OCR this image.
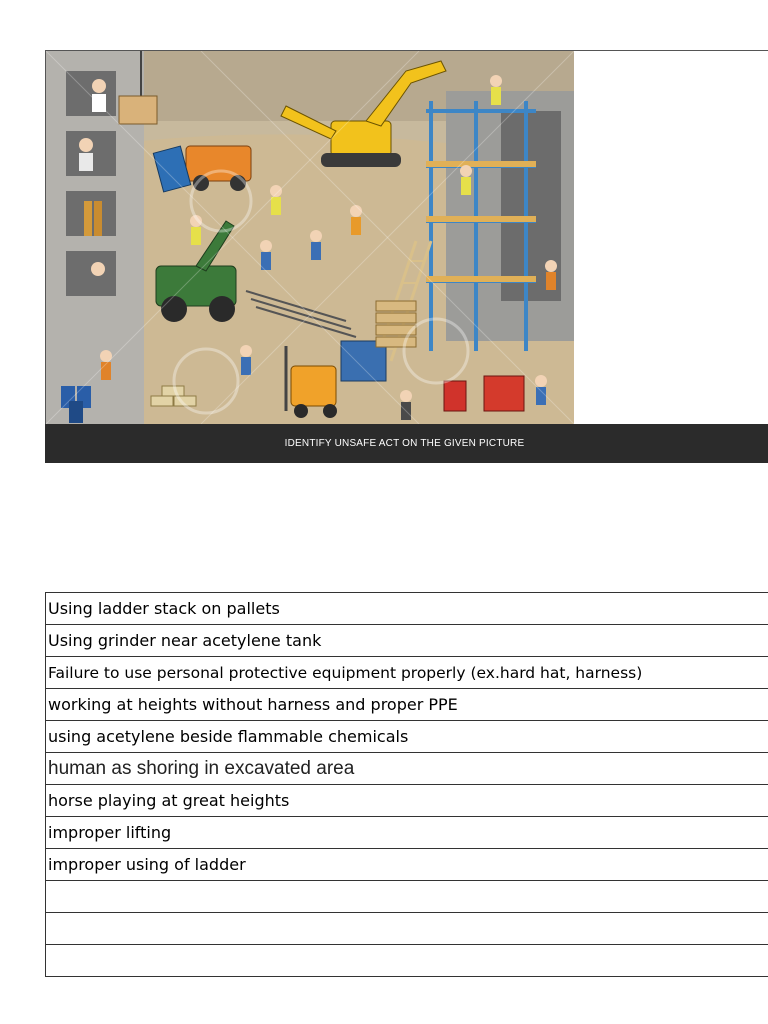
IDENTIFY UNSAFE ACT ON THE GIVEN PICTURE
Using ladder stack on pallets
Using grinder near acetylene tank
Failure to use personal protective equipment properly (ex.hard hat, harness)
working at heights without harness and proper PPE
using acetylene beside flammable chemicals
human as shoring in excavated area
horse playing at great heights
improper lifting
improper using of ladder
